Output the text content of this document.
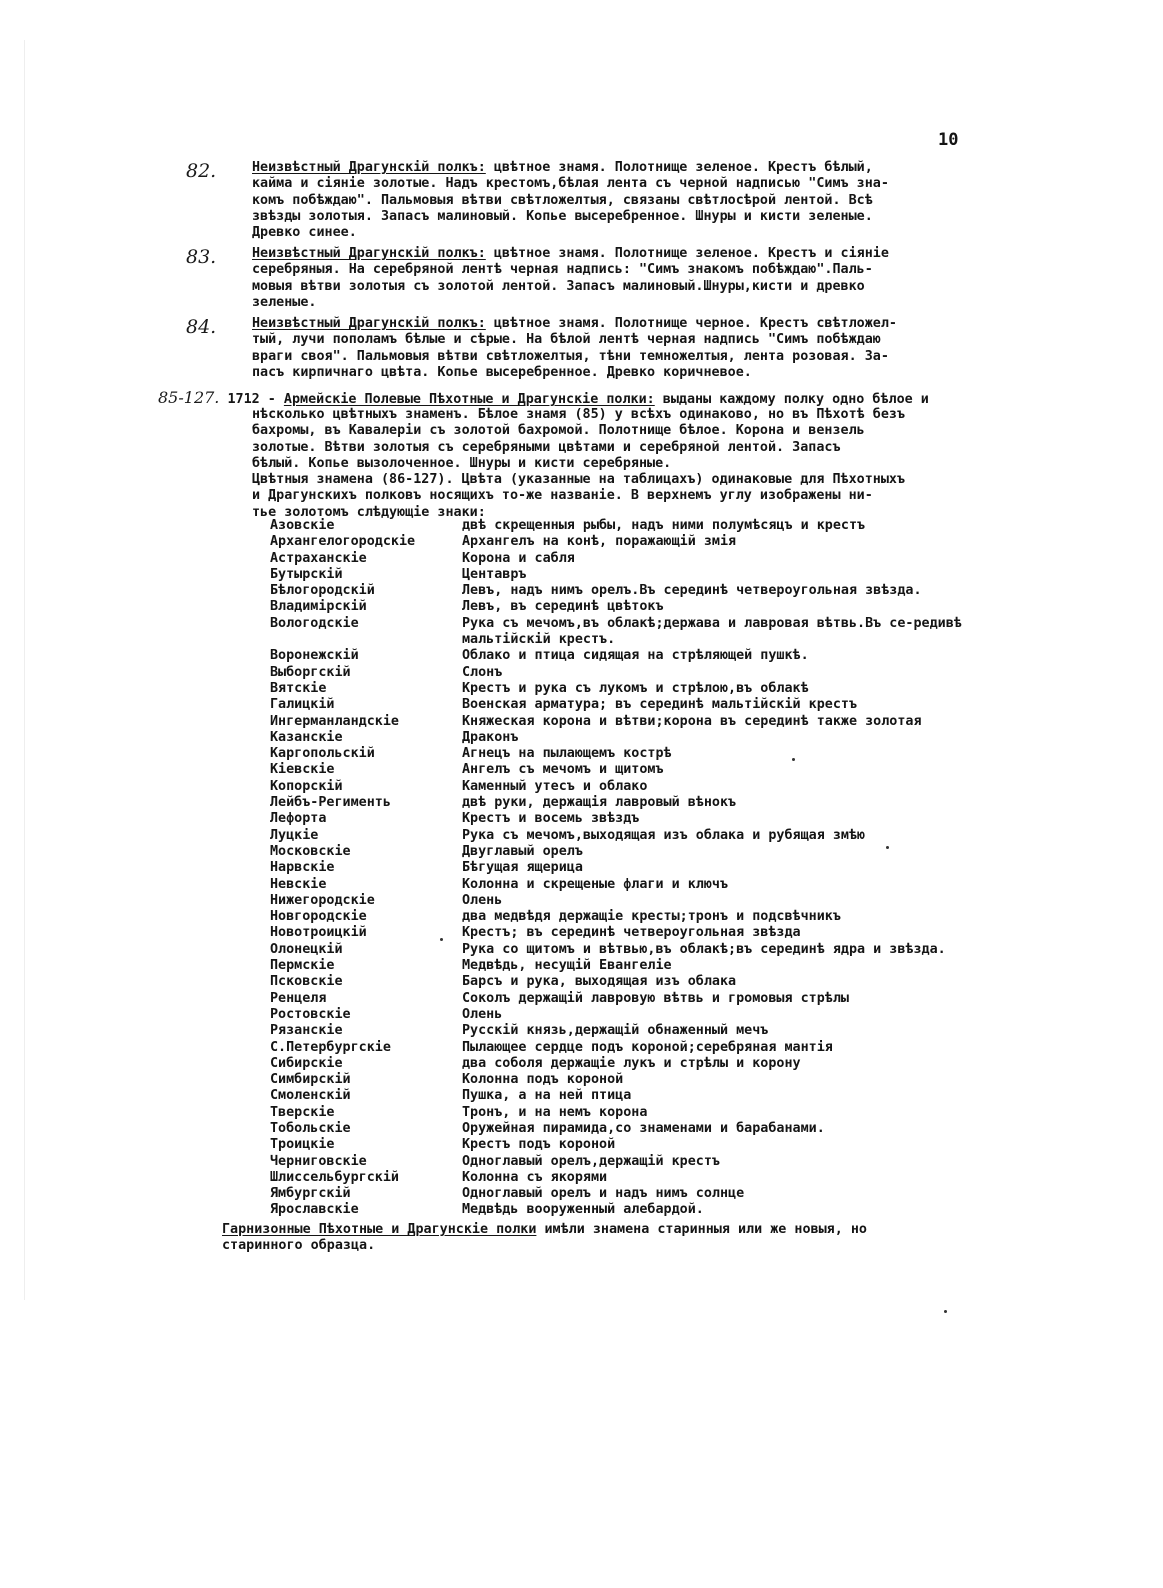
10
82.	Неизвѣстный Драгунскій полкъ: цвѣтное знамя. Полотнище зеленое. Крестъ бѣлый,
кайма и сіяніе золотые. Надъ крестомъ,бѣлая лента съ черной надписью "Симъ зна-
комъ побѣждаю". Пальмовыя вѣтви свѣтложелтыя, связаны свѣтлосѣрой лентой. Всѣ
звѣзды золотыя. Запасъ малиновый. Копье высеребренное. Шнуры и кисти зеленые.
Древко синее.
83.	Неизвѣстный Драгунскій полкъ: цвѣтное знамя. Полотнище зеленое. Крестъ и сіяніе
серебряныя. На серебряной лентѣ черная надпись: "Симъ знакомъ побѣждаю".Паль-
мовыя вѣтви золотыя съ золотой лентой. Запасъ малиновый.Шнуры,кисти и древко
зеленые.
84.	Неизвѣстный Драгунскій полкъ: цвѣтное знамя. Полотнище черное. Крестъ свѣтложел-
тый, лучи пополамъ бѣлые и сѣрые. На бѣлой лентѣ черная надпись "Симъ побѣждаю
враги своя". Пальмовыя вѣтви свѣтложелтыя, тѣни темножелтыя, лента розовая. За-
пасъ кирпичнаго цвѣта. Копье высеребренное. Древко коричневое.
85-127. 1712 - Армейскіе Полевые Пѣхотные и Драгунскіе полки: выданы каждому полку одно бѣлое и
нѣсколько цвѣтныхъ знаменъ. Бѣлое знамя (85) у всѣхъ одинаково, но въ Пѣхотѣ безъ
бахромы, въ Кавалеріи съ золотой бахромой. Полотнище бѣлое. Корона и вензель
золотые. Вѣтви золотыя съ серебряными цвѣтами и серебряной лентой. Запасъ
бѣлый. Копье вызолоченное. Шнуры и кисти серебряные.
Цвѣтныя знамена (86-127). Цвѣта (указанные на таблицахъ) одинаковые для Пѣхотныхъ
и Драгунскихъ полковъ носящихъ то-же названіе. В верхнемъ углу изображены ни-
тье золотомъ слѣдующіе знаки:
Азовскіе	двѣ скрещенныя рыбы, надъ ними полумѣсяцъ и крестъ
Архангелогородскіе	Архангелъ на конѣ, поражающій змія
Астраханскіе	Корона и сабля
Бутырскій	Центавръ
Бѣлогородскій	Левъ, надъ нимъ орелъ.Въ серединѣ четвероугольная звѣзда.
Владимірскій	Левъ, въ серединѣ цвѣтокъ
Вологодскіе	Рука съ мечомъ,въ облакѣ;держава и лавровая вѣтвь.Въ се-редивѣ мальтійскій крестъ.
Воронежскій	Облако и птица сидящая на стрѣляющей пушкѣ.
Выборгскій	Слонъ
Вятскіе	Крестъ и рука съ лукомъ и стрѣлою,въ облакѣ
Галицкій	Военская арматура; въ серединѣ мальтійскій крестъ
Ингерманландскіе	Княжеская корона и вѣтви;корона въ серединѣ также золотая
Казанскіе	Драконъ
Каргопольскій	Агнецъ на пылающемъ кострѣ
Кіевскіе	Ангелъ съ мечомъ и щитомъ
Копорскій	Каменный утесъ и облако
Лейбъ-Регименть	двѣ руки, держащія лавровый вѣнокъ
Лефорта	Крестъ и восемь звѣздъ
Луцкіе	Рука съ мечомъ,выходящая изъ облака и рубящая змѣю
Московскіе	Двуглавый орелъ
Нарвскіе	Бѣгущая ящерица
Невскіе	Колонна и скрещеные флаги и ключъ
Нижегородскіе	Олень
Новгородскіе	два медвѣдя держащіе кресты;тронъ и подсвѣчникъ
Новотроицкій	Крестъ; въ серединѣ четвероугольная звѣзда
Олонецкій	Рука со щитомъ и вѣтвью,въ облакѣ;въ серединѣ ядра и звѣзда.
Пермскіе	Медвѣдь, несущій Евангеліе
Псковскіе	Барсъ и рука, выходящая изъ облака
Ренцеля	Соколъ держащій лавровую вѣтвь и громовыя стрѣлы
Ростовскіе	Олень
Рязанскіе	Русскій князь,держащій обнаженный мечъ
С.Петербургскіе	Пылающее сердце подъ короной;серебряная мантія
Сибирскіе	два соболя держащіе лукъ и стрѣлы и корону
Симбирскій	Колонна подъ короной
Смоленскій	Пушка, а на ней птица
Тверскіе	Тронъ, и на немъ корона
Тобольскіе	Оружейная пирамида,со знаменами и барабанами.
Троицкіе	Крестъ подъ короной
Черниговскіе	Одноглавый орелъ,держащій крестъ
Шлиссельбургскій	Колонна съ якорями
Ямбургскій	Одноглавый орелъ и надъ нимъ солнце
Ярославскіе	Медвѣдь вооруженный алебардой.
Гарнизонные Пѣхотные и Драгунскіе полки имѣли знамена старинныя или же новыя, но
старинного образца.
